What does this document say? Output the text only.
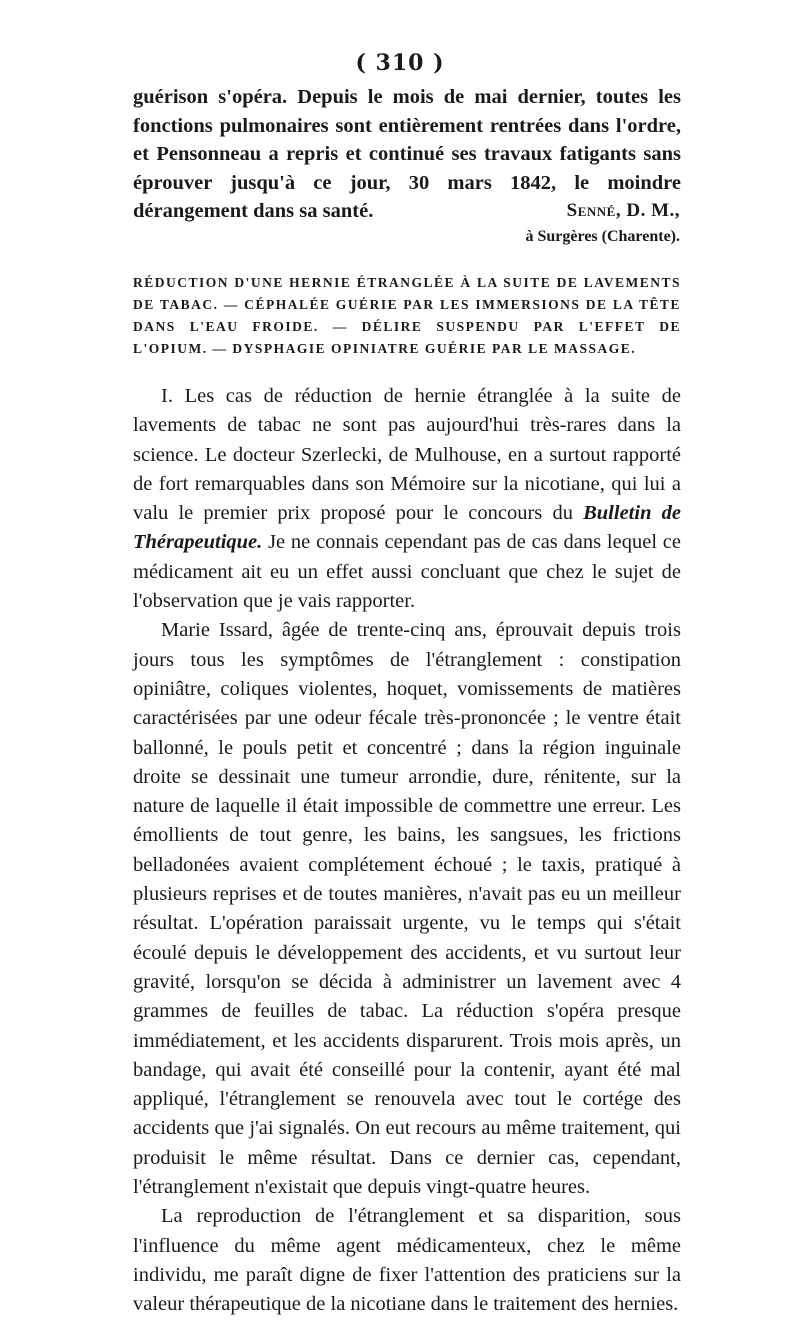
( 310 )

guérison s'opéra. Depuis le mois de mai dernier, toutes les fonctions pulmonaires sont entièrement rentrées dans l'ordre, et Pensonneau a repris et continué ses travaux fatigants sans éprouver jusqu'à ce jour, 30 mars 1842, le moindre dérangement dans sa santé.	Senné, D. M.,
à Surgères (Charente).

RÉDUCTION D'UNE HERNIE ÉTRANGLÉE À LA SUITE DE LAVEMENTS DE TABAC. — CÉPHALÉE GUÉRIE PAR LES IMMERSIONS DE LA TÊTE DANS L'EAU FROIDE. — DÉLIRE SUSPENDU PAR L'EFFET DE L'OPIUM. — DYSPHAGIE OPINIATRE GUÉRIE PAR LE MASSAGE.

I. Les cas de réduction de hernie étranglée à la suite de lavements de tabac ne sont pas aujourd'hui très-rares dans la science. Le docteur Szerlecki, de Mulhouse, en a surtout rapporté de fort remarquables dans son Mémoire sur la nicotiane, qui lui a valu le premier prix proposé pour le concours du Bulletin de Thérapeutique. Je ne connais cependant pas de cas dans lequel ce médicament ait eu un effet aussi concluant que chez le sujet de l'observation que je vais rapporter.

Marie Issard, âgée de trente-cinq ans, éprouvait depuis trois jours tous les symptômes de l'étranglement : constipation opiniâtre, coliques violentes, hoquet, vomissements de matières caractérisées par une odeur fécale très-prononcée ; le ventre était ballonné, le pouls petit et concentré ; dans la région inguinale droite se dessinait une tumeur arrondie, dure, rénitente, sur la nature de laquelle il était impossible de commettre une erreur. Les émollients de tout genre, les bains, les sangsues, les frictions belladonées avaient complétement échoué ; le taxis, pratiqué à plusieurs reprises et de toutes manières, n'avait pas eu un meilleur résultat. L'opération paraissait urgente, vu le temps qui s'était écoulé depuis le développement des accidents, et vu surtout leur gravité, lorsqu'on se décida à administrer un lavement avec 4 grammes de feuilles de tabac. La réduction s'opéra presque immédiatement, et les accidents disparurent. Trois mois après, un bandage, qui avait été conseillé pour la contenir, ayant été mal appliqué, l'étranglement se renouvela avec tout le cortége des accidents que j'ai signalés. On eut recours au même traitement, qui produisit le même résultat. Dans ce dernier cas, cependant, l'étranglement n'existait que depuis vingt-quatre heures.

La reproduction de l'étranglement et sa disparition, sous l'influence du même agent médicamenteux, chez le même individu, me paraît digne de fixer l'attention des praticiens sur la valeur thérapeutique de la nicotiane dans le traitement des hernies.
